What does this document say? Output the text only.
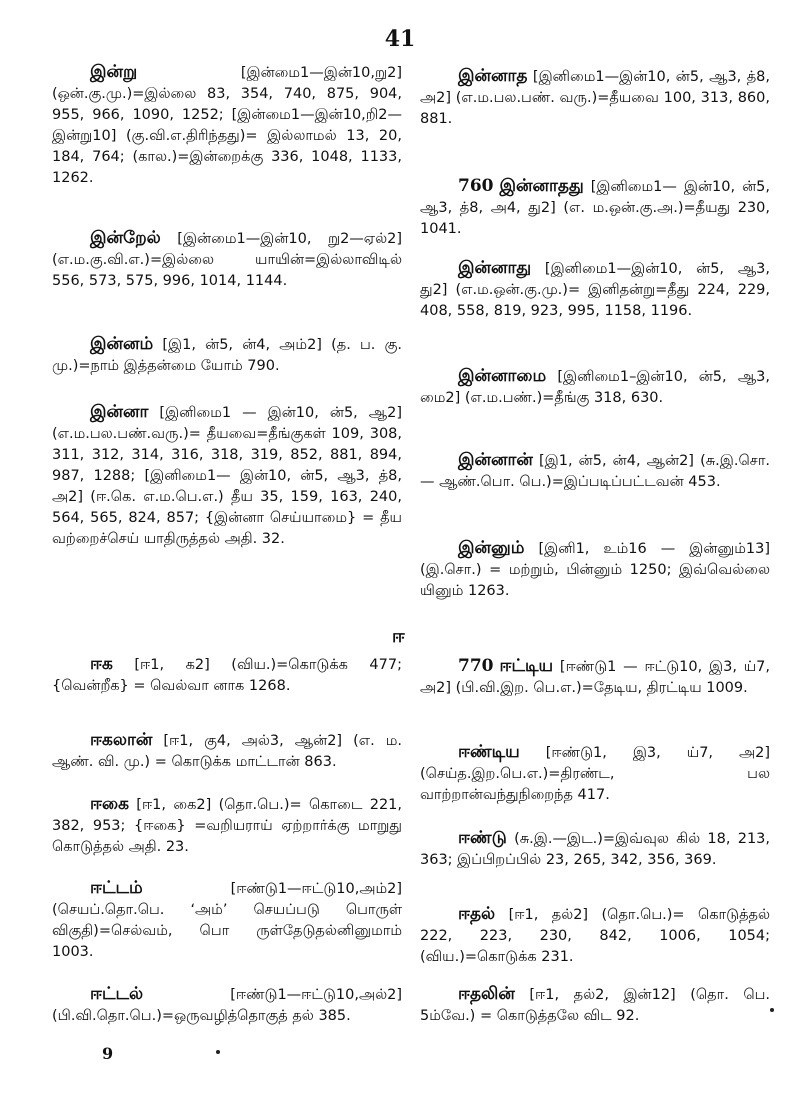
41
ஈ
9
இன்று	[இன்மை1—இன்10,று2] (ஒன்.கு.மு.)=இல்லை 83, 354, 740, 875, 904, 955, 966, 1090, 1252; [இன்மை1—இன்10,றி2—இன்று10] (கு.வி.எ.திரிந்தது)= இல்லாமல் 13, 20, 184, 764; (கால.)=இன்றைக்கு 336, 1048, 1133, 1262.
இன்றேல் [இன்மை1—இன்10, று2—ஏல்2] (எ.ம.கு.வி.எ.)=இல்லை யாயின்=இல்லாவிடில் 556, 573, 575, 996, 1014, 1144.
இன்னம் [இ1, ன்5, ன்4, அம்2] (த. ப. கு. மு.)=நாம் இத்தன்மை யோம் 790.
இன்னா [இனிமை1 — இன்10, ன்5, ஆ2] (எ.ம.பல.பண்.வரு.)= தீயவை=தீங்குகள் 109, 308, 311, 312, 314, 316, 318, 319, 852, 881, 894, 987, 1288; [இனிமை1— இன்10, ன்5, ஆ3, த்8, அ2] (ஈ.கெ. எ.ம.பெ.எ.) தீய 35, 159, 163, 240, 564, 565, 824, 857; {இன்னா செய்யாமை} = தீய வற்றைச்செய் யாதிருத்தல் அதி. 32.
ஈக [ஈ1, க2] (விய.)=கொடுக்க 477; {வென்றீக} = வெல்வா னாக 1268.
ஈகலான் [ஈ1, கு4, அல்3, ஆன்2] (எ. ம. ஆண். வி. மு.) = கொடுக்க மாட்டான் 863.
ஈகை [ஈ1, கை2] (தொ.பெ.)= கொடை 221, 382, 953; {ஈகை} =வறியராய் ஏற்றார்க்கு மாறுது கொடுத்தல் அதி. 23.
ஈட்டம்	[ஈண்டு1—ஈட்டு10,அம்2] (செயப்.தொ.பெ. ‘அம்’ செயப்படு பொருள் விகுதி)=செல்வம், பொ ருள்தேடுதல்னினுமாம் 1003.
ஈட்டல்	[ஈண்டு1—ஈட்டு10,அல்2] (பி.வி.தொ.பெ.)=ஒருவழித்தொகுத் தல் 385.
இன்னாத [இனிமை1—இன்10, ன்5, ஆ3, த்8, அ2] (எ.ம.பல.பண். வரு.)=தீயவை 100, 313, 860, 881.
760 இன்னாதது [இனிமை1— இன்10, ன்5, ஆ3, த்8, அ4, து2] (எ. ம.ஒன்.கு.அ.)=தீயது 230, 1041.
இன்னாது [இனிமை1—இன்10, ன்5, ஆ3, து2] (எ.ம.ஒன்.கு.மு.)= இனிதன்று=தீது 224, 229, 408, 558, 819, 923, 995, 1158, 1196.
இன்னாமை [இனிமை1–இன்10, ன்5, ஆ3, மை2] (எ.ம.பண்.)=தீங்கு 318, 630.
இன்னான் [இ1, ன்5, ன்4, ஆன்2] (சு.இ.சொ. — ஆண்.பொ. பெ.)=இப்படிப்பட்டவன் 453.
இன்னும் [இனி1, உம்16 — இன்னும்13] (இ.சொ.) = மற்றும், பின்னும் 1250; இவ்வெல்லை யினும் 1263.
770 ஈட்டிய [ஈண்டு1 — ஈட்டு10, இ3, ய்7, அ2] (பி.வி.இற. பெ.எ.)=தேடிய, திரட்டிய 1009.
ஈண்டிய [ஈண்டு1, இ3, ய்7, அ2] (செய்த.இற.பெ.எ.)=திரண்ட, பல வாற்றான்வந்துநிறைந்த 417.
ஈண்டு (சு.இ.—இட.)=இவ்வுல கில் 18, 213, 363; இப்பிறப்பில் 23, 265, 342, 356, 369.
ஈதல் [ஈ1, தல்2] (தொ.பெ.)= கொடுத்தல் 222, 223, 230, 842, 1006, 1054; (விய.)=கொடுக்க 231.
ஈதலின் [ஈ1, தல்2, இன்12] (தொ. பெ. 5ம்வே.) = கொடுத்தலே விட 92.
